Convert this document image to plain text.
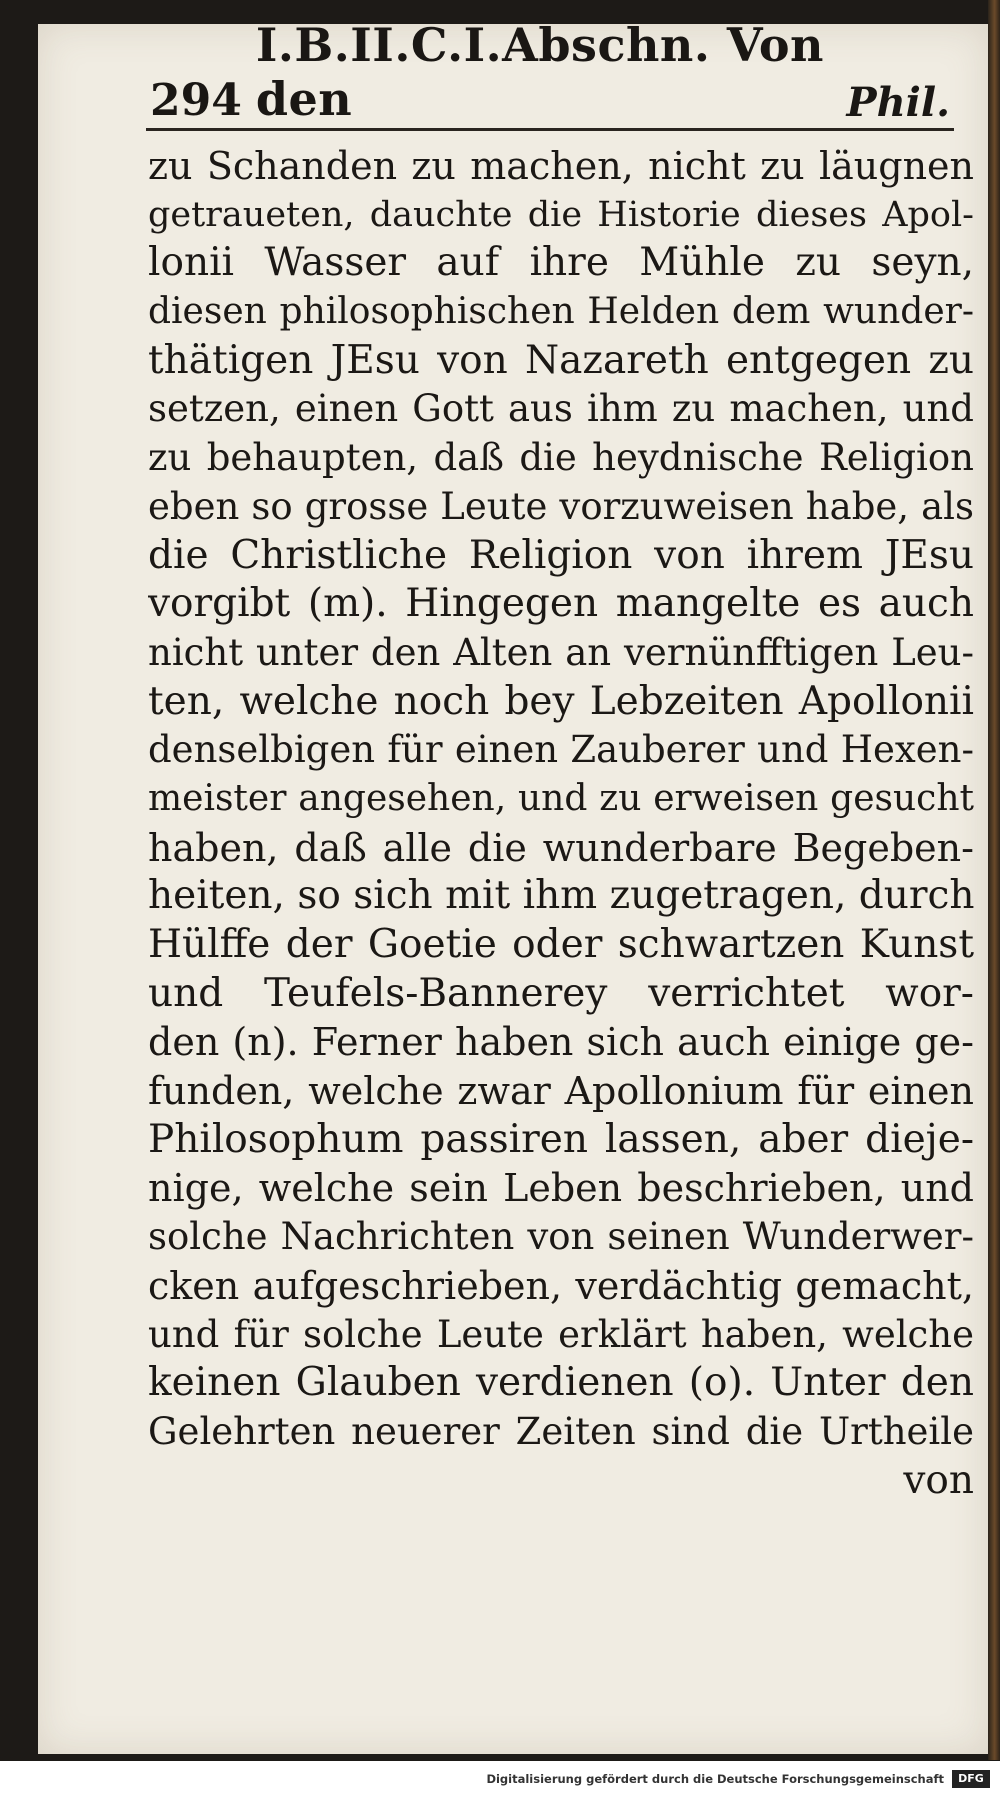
294
I.B.II.C.I.Abschn. Von den	Phil.
zu Schanden zu machen, nicht zu läugnen
getraueten, dauchte die Historie dieses Apol-
lonii Wasser auf ihre Mühle zu seyn,
diesen philosophischen Helden dem wunder-
thätigen JEsu von Nazareth entgegen zu
setzen, einen Gott aus ihm zu machen, und
zu behaupten, daß die heydnische Religion
eben so grosse Leute vorzuweisen habe, als
die Christliche Religion von ihrem JEsu
vorgibt (m). Hingegen mangelte es auch
nicht unter den Alten an vernünfftigen Leu-
ten, welche noch bey Lebzeiten Apollonii
denselbigen für einen Zauberer und Hexen-
meister angesehen, und zu erweisen gesucht
haben, daß alle die wunderbare Begeben-
heiten, so sich mit ihm zugetragen, durch
Hülffe der Goetie oder schwartzen Kunst
und Teufels-Bannerey verrichtet wor-
den (n). Ferner haben sich auch einige ge-
funden, welche zwar Apollonium für einen
Philosophum passiren lassen, aber dieje-
nige, welche sein Leben beschrieben, und
solche Nachrichten von seinen Wunderwer-
cken aufgeschrieben, verdächtig gemacht,
und für solche Leute erklärt haben, welche
keinen Glauben verdienen (o). Unter den
Gelehrten neuerer Zeiten sind die Urtheile
von
Digitalisierung gefördert durch die Deutsche Forschungsgemeinschaft	DFG
